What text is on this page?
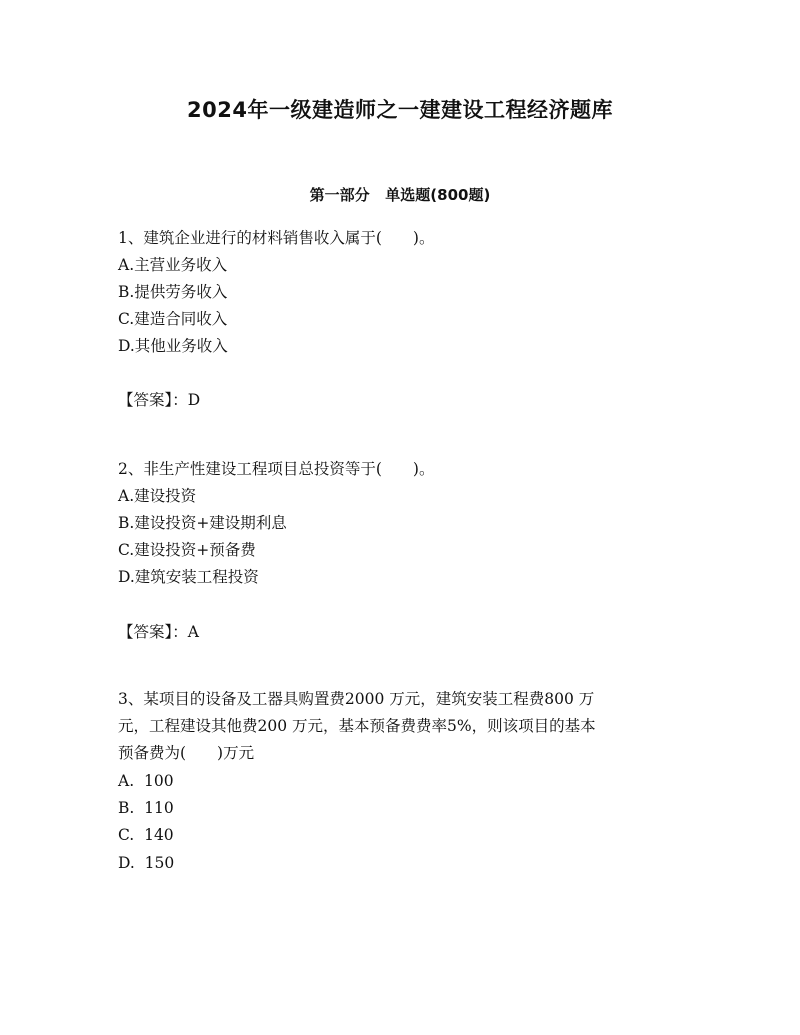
2024年一级建造师之一建建设工程经济题库
第一部分   单选题(800题)
1、建筑企业进行的材料销售收入属于(　　)。
A.主营业务收入
B.提供劳务收入
C.建造合同收入
D.其他业务收入
【答案】：D
2、非生产性建设工程项目总投资等于(　　)。
A.建设投资
B.建设投资+建设期利息
C.建设投资+预备费
D.建筑安装工程投资
【答案】：A
3、某项目的设备及工器具购置费2000 万元，建筑安装工程费800 万
元，工程建设其他费200 万元，基本预备费费率5%，则该项目的基本
预备费为(　　)万元
A.  100
B.  110
C.  140
D.  150
